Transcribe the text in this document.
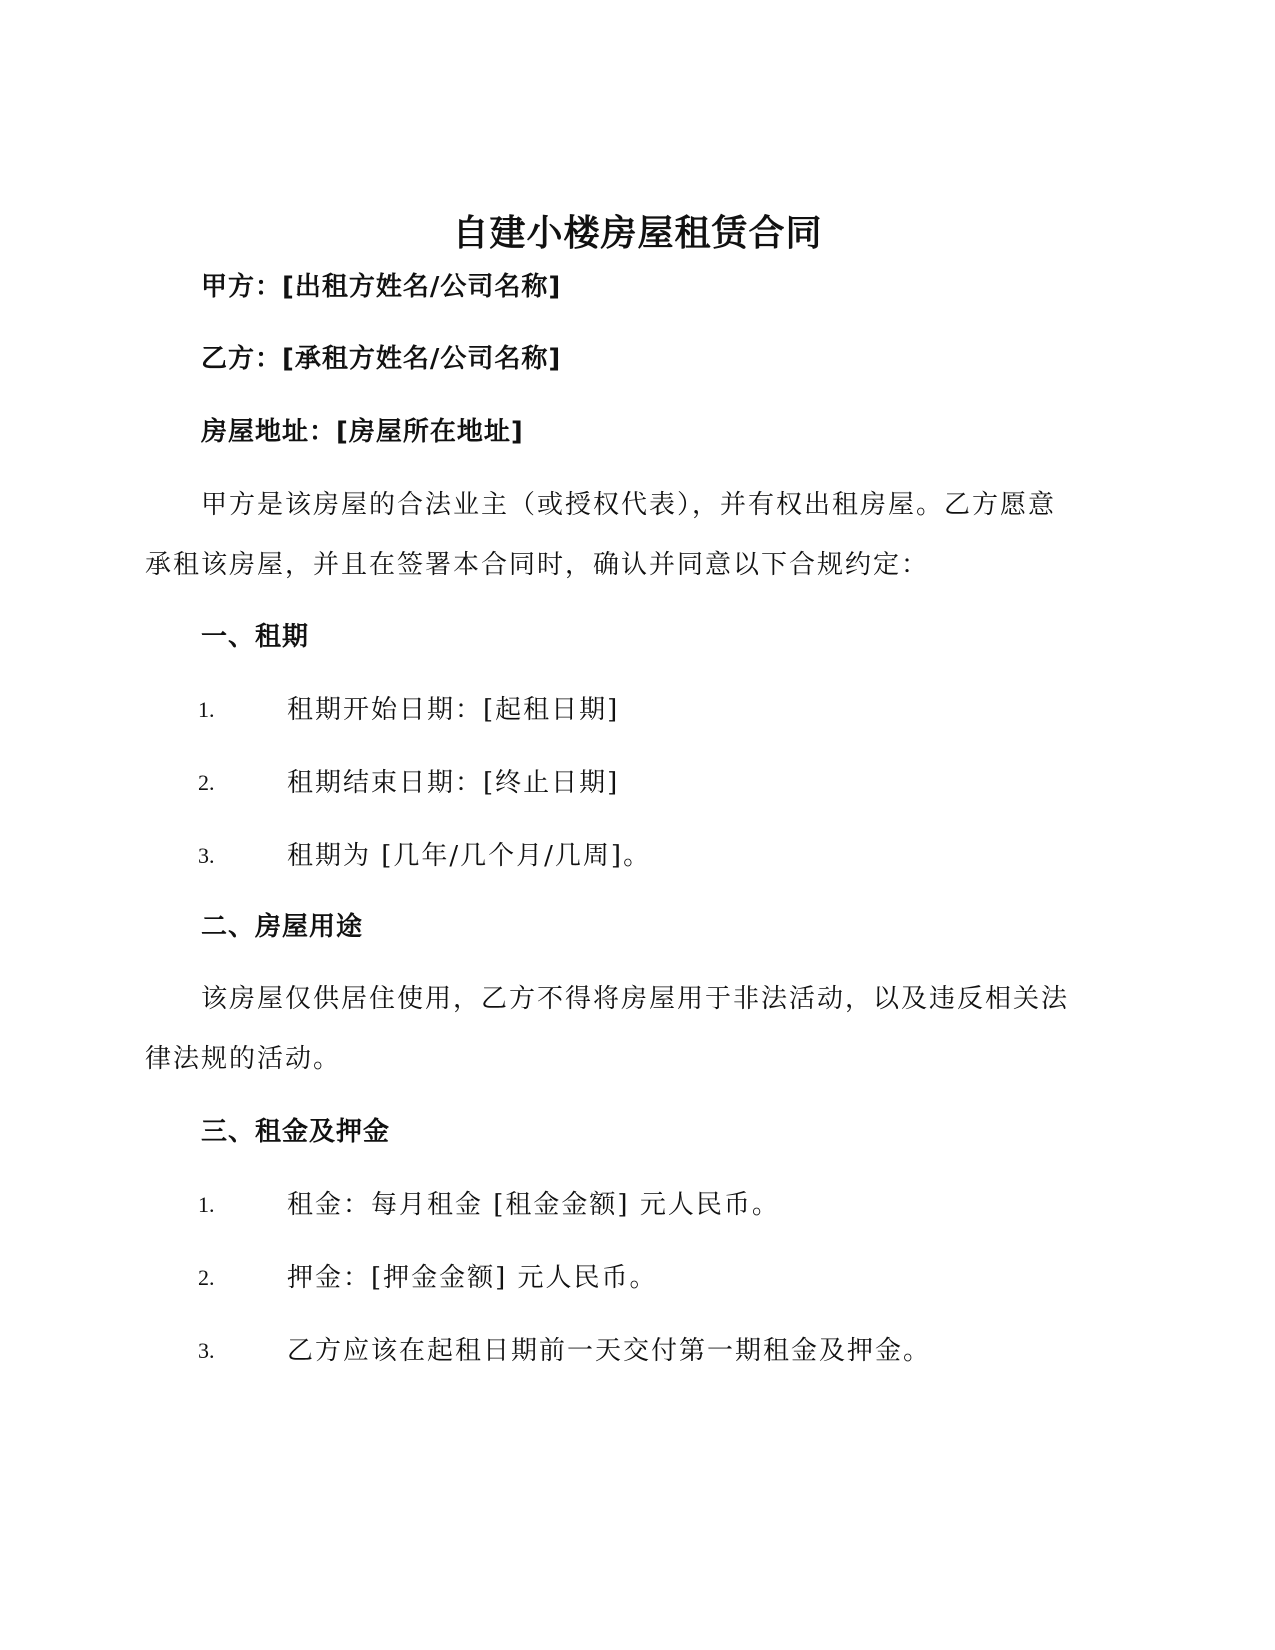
自建小楼房屋租赁合同
甲方：[出租方姓名/公司名称]
乙方：[承租方姓名/公司名称]
房屋地址：[房屋所在地址]
甲方是该房屋的合法业主（或授权代表），并有权出租房屋。乙方愿意
承租该房屋，并且在签署本合同时，确认并同意以下合规约定：
一、租期
1.	租期开始日期：[起租日期]
2.	租期结束日期：[终止日期]
3.	租期为 [几年/几个月/几周]。
二、房屋用途
该房屋仅供居住使用，乙方不得将房屋用于非法活动，以及违反相关法
律法规的活动。
三、租金及押金
1.	租金：每月租金 [租金金额] 元人民币。
2.	押金：[押金金额] 元人民币。
3.	乙方应该在起租日期前一天交付第一期租金及押金。
